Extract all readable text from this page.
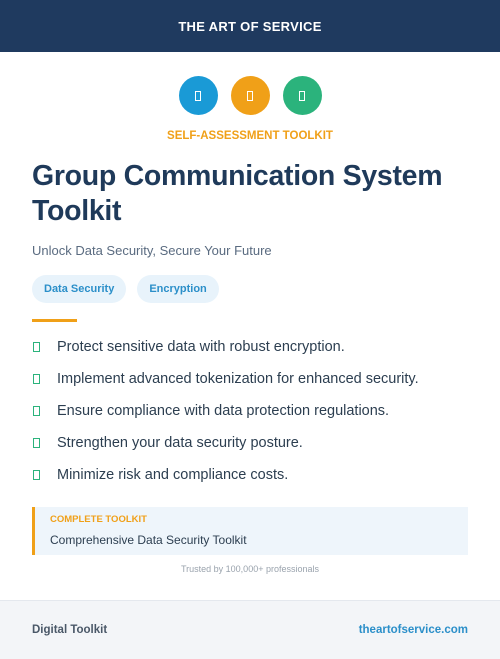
THE ART OF SERVICE
SELF-ASSESSMENT TOOLKIT
Group Communication System Toolkit
Unlock Data Security, Secure Your Future
Data Security	Encryption
Protect sensitive data with robust encryption.
Implement advanced tokenization for enhanced security.
Ensure compliance with data protection regulations.
Strengthen your data security posture.
Minimize risk and compliance costs.
COMPLETE TOOLKIT
Comprehensive Data Security Toolkit
Trusted by 100,000+ professionals
Digital Toolkit	theartofservice.com
